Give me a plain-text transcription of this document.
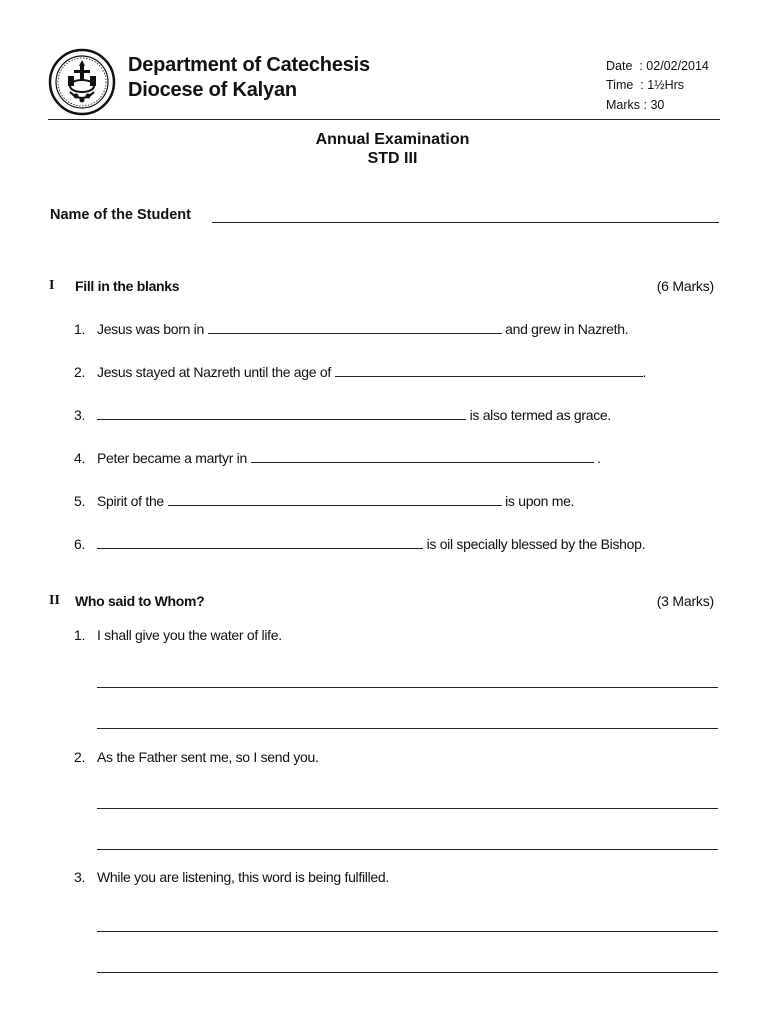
Department of Catechesis
Diocese of Kalyan
Date  : 02/02/2014
Time  : 1½Hrs
Marks : 30
Annual Examination
STD III
Name of the Student
I Fill in the blanks	(6 Marks)
1. Jesus was born in	and grew in Nazreth.
2. Jesus stayed at Nazreth until the age of	.
3.	is also termed as grace.
4. Peter became a martyr in	.
5. Spirit of the	is upon me.
6.	is oil specially blessed by the Bishop.
II Who said to Whom?	(3 Marks)
1. I shall give you the water of life.
2. As the Father sent me, so I send you.
3. While you are listening, this word is being fulfilled.
